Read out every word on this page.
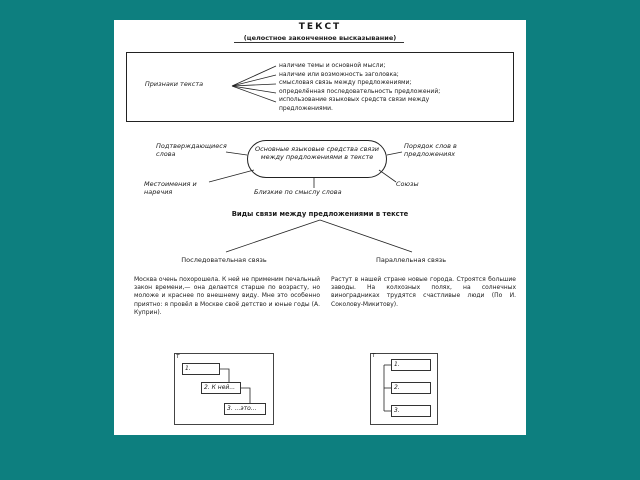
ТЕКСТ
(целостное законченное высказывание)
Признаки текста
наличие темы и основной мысли;
наличие или возможность заголовка;
смысловая связь между предложениями;
определённая последовательность предложений;
использование языковых средств связи между
предложениями.
Основные языковые средства связи между предложениями в тексте
Подтверждающиеся слова
Порядок слов в предложениях
Местоимения и наречия	Близкие по смыслу слова
Союзы
Виды связи между предложениями в тексте
Последовательная связь	Параллельная связь
Москва очень похорошела. К ней не применим печальный закон времени,— она делается старше по возрасту, но моложе и краснее по внешнему виду. Мне это особенно приятно: я провёл в Москве своё детство и юные годы (А. Куприн).
Растут в нашей стране новые города. Строятся большие заводы. На колхозных полях, на солнечных виноградниках трудятся счастливые люди (По И. Соколову-Микитову).
Т
1.
2. К ней...
3. ...это...
Т
1.
2.
3.
